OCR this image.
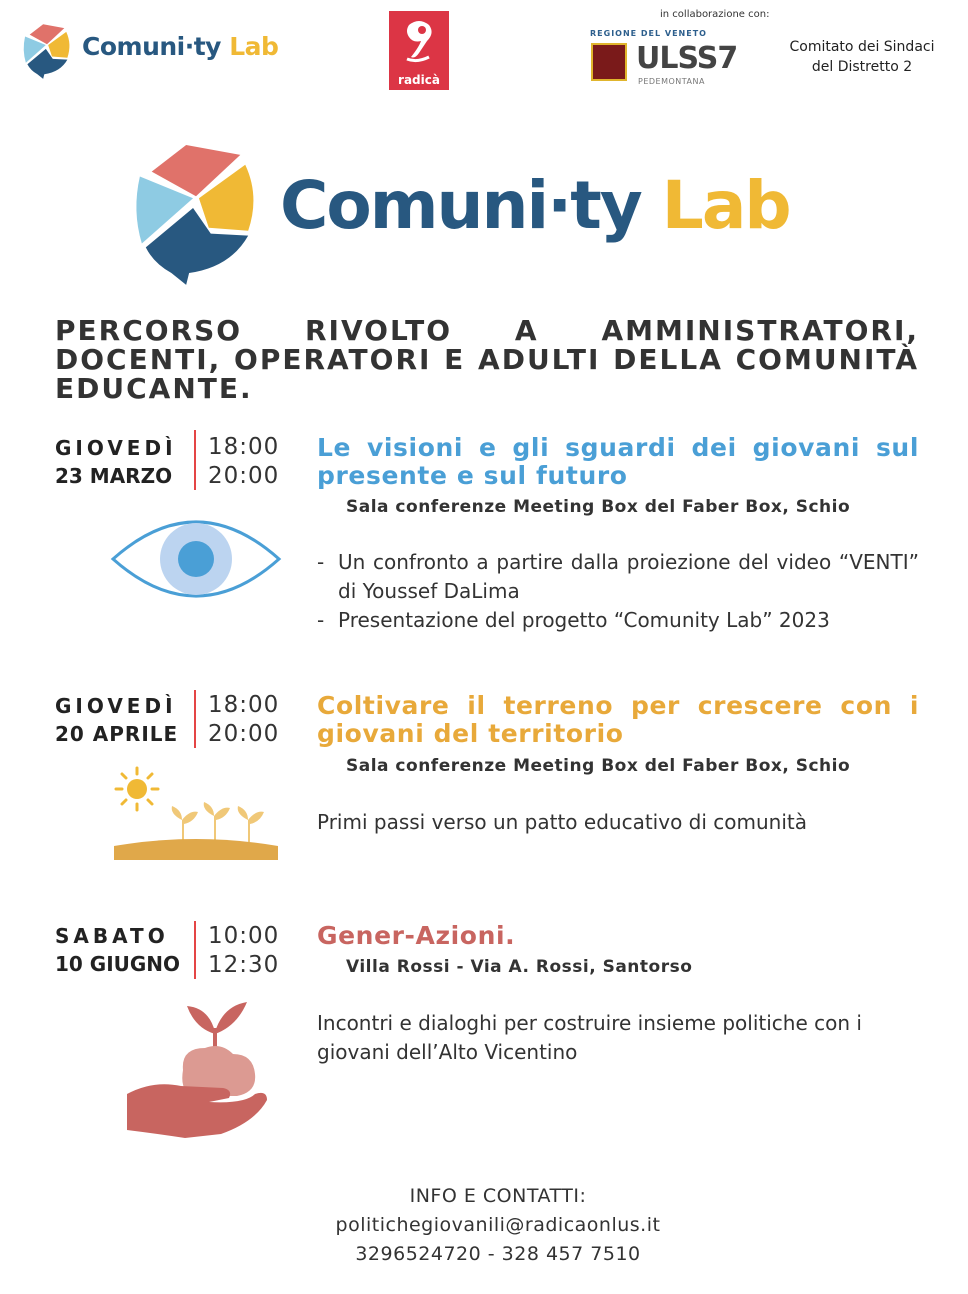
Comuni·ty Lab
radicà
in collaborazione con:
REGIONE DEL VENETO
ULSS7
PEDEMONTANA
Comitato dei Sindaci
del Distretto 2
Comuni·ty Lab
PERCORSO RIVOLTO A AMMINISTRATORI, DOCENTI, OPERATORI E ADULTI DELLA COMUNITÀ EDUCANTE.
GIOVEDÌ
23 MARZO
18:00
20:00
Le visioni e gli sguardi dei giovani sul presente e sul futuro
Sala conferenze Meeting Box del Faber Box, Schio
- Un confronto a partire dalla proiezione del video “VENTI” di Youssef DaLima
- Presentazione del progetto “Comunity Lab” 2023
GIOVEDÌ
20 APRILE
18:00
20:00
Coltivare il terreno per crescere con i giovani del territorio
Sala conferenze Meeting Box del Faber Box, Schio
Primi passi verso un patto educativo di comunità
SABATO
10 GIUGNO
10:00
12:30
Gener-Azioni.
Villa Rossi - Via A. Rossi, Santorso
Incontri e dialoghi per costruire insieme politiche con i giovani dell’Alto Vicentino
INFO E CONTATTI:
politichegiovanili@radicaonlus.it
3296524720 - 328 457 7510
